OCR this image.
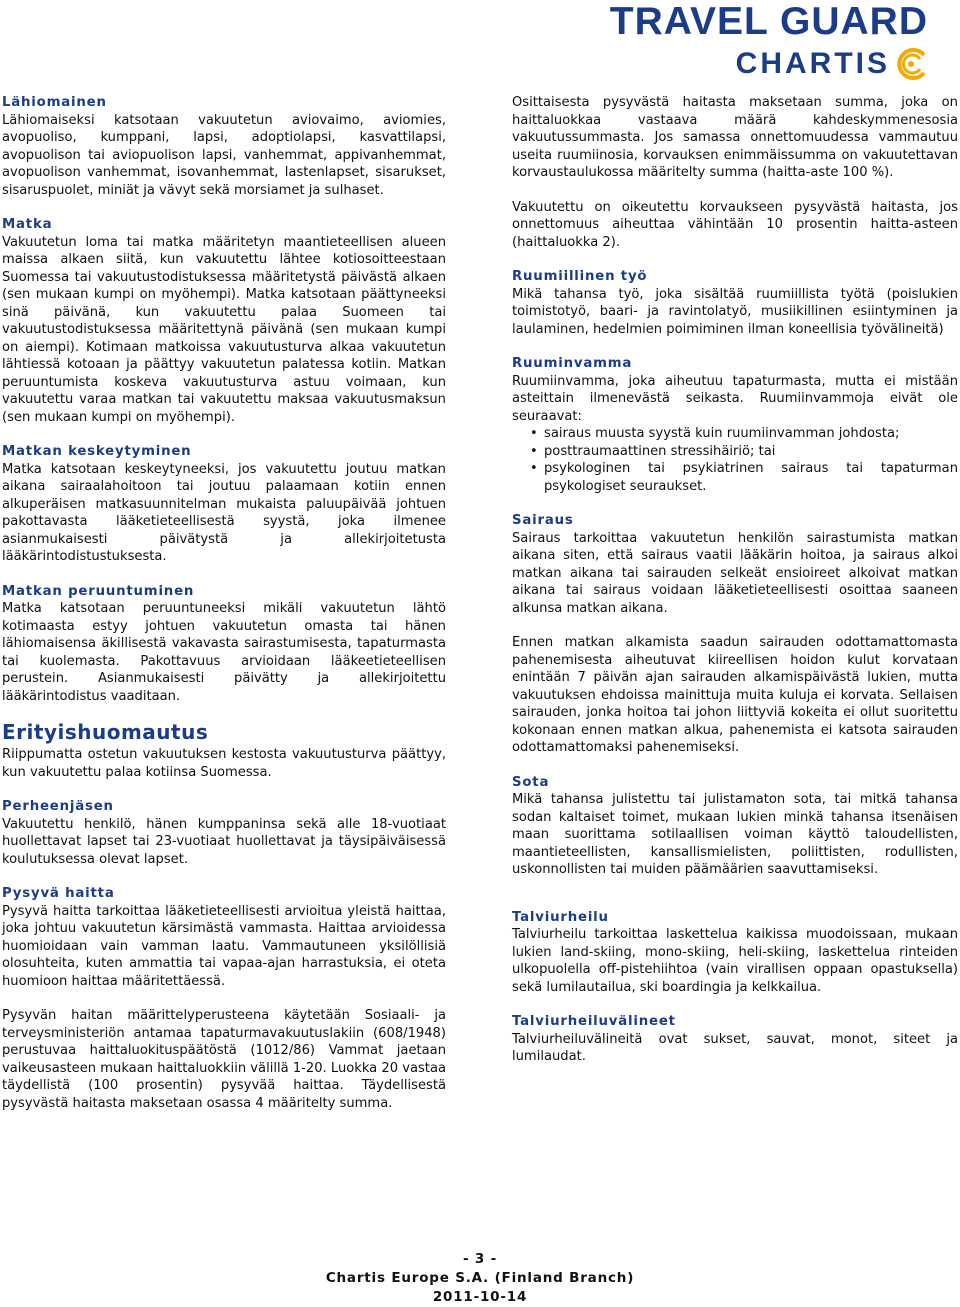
TRAVEL GUARD
CHARTIS
Lähiomainen
Lähiomaiseksi katsotaan vakuutetun aviovaimo, aviomies, avopuoliso, kumppani, lapsi, adoptiolapsi, kasvattilapsi, avopuolison tai aviopuolison lapsi, vanhemmat, appivanhemmat, avopuolison vanhemmat, isovanhemmat, lastenlapset, sisarukset, sisaruspuolet, miniät ja vävyt sekä morsiamet ja sulhaset.
Matka
Vakuutetun loma tai matka määritetyn maantieteellisen alueen maissa alkaen siitä, kun vakuutettu lähtee kotiosoitteestaan Suomessa tai vakuutustodistuksessa määritetystä päivästä alkaen (sen mukaan kumpi on myöhempi). Matka katsotaan päättyneeksi sinä päivänä, kun vakuutettu palaa Suomeen tai vakuutustodistuksessa määritettynä päivänä (sen mukaan kumpi on aiempi). Kotimaan matkoissa vakuutusturva alkaa vakuutetun lähtiessä kotoaan ja päättyy vakuutetun palatessa kotiin. Matkan peruuntumista koskeva vakuutusturva astuu voimaan, kun vakuutettu varaa matkan tai vakuutettu maksaa vakuutusmaksun (sen mukaan kumpi on myöhempi).
Matkan keskeytyminen
Matka katsotaan keskeytyneeksi, jos vakuutettu joutuu matkan aikana sairaalahoitoon tai joutuu palaamaan kotiin ennen alkuperäisen matkasuunnitelman mukaista paluupäivää johtuen pakottavasta lääketieteellisestä syystä, joka ilmenee asianmukaisesti päivätystä ja allekirjoitetusta lääkärintodistustuksesta.
Matkan peruuntuminen
Matka katsotaan peruuntuneeksi mikäli vakuutetun lähtö kotimaasta estyy johtuen vakuutetun omasta tai hänen lähiomaisensa äkillisestä vakavasta sairastumisesta, tapaturmasta tai kuolemasta. Pakottavuus arvioidaan lääkeetieteellisen perustein. Asianmukaisesti päivätty ja allekirjoitettu lääkärintodistus vaaditaan.
Erityishuomautus
Riippumatta ostetun vakuutuksen kestosta vakuutusturva päättyy, kun vakuutettu palaa kotiinsa Suomessa.
Perheenjäsen
Vakuutettu henkilö, hänen kumppaninsa sekä alle 18-vuotiaat huollettavat lapset tai 23-vuotiaat huollettavat ja täysipäiväisessä koulutuksessa olevat lapset.
Pysyvä haitta
Pysyvä haitta tarkoittaa lääketieteellisesti arvioitua yleistä haittaa, joka johtuu vakuutetun kärsimästä vammasta. Haittaa arvioidessa huomioidaan vain vamman laatu. Vammautuneen yksilöllisiä olosuhteita, kuten ammattia tai vapaa-ajan harrastuksia, ei oteta huomioon haittaa määritettäessä.
Pysyvän haitan määrittelyperusteena käytetään Sosiaali- ja terveysministeriön antamaa tapaturmavakuutuslakiin (608/1948) perustuvaa haittaluokituspäätöstä (1012/86) Vammat jaetaan vaikeusasteen mukaan haittaluokkiin välillä 1-20. Luokka 20 vastaa täydellistä (100 prosentin) pysyvää haittaa. Täydellisestä pysyvästä haitasta maksetaan osassa 4 määritelty summa.
Osittaisesta pysyvästä haitasta maksetaan summa, joka on haittaluokkaa vastaava määrä kahdeskymmenesosia vakuutussummasta. Jos samassa onnettomuudessa vammautuu useita ruumiinosia, korvauksen enimmäissumma on vakuutettavan korvaustaulukossa määritelty summa (haitta-aste 100 %).
Vakuutettu on oikeutettu korvaukseen pysyvästä haitasta, jos onnettomuus aiheuttaa vähintään 10 prosentin haitta-asteen (haittaluokka 2).
Ruumiillinen työ
Mikä tahansa työ, joka sisältää ruumiillista työtä (poislukien toimistotyö, baari- ja ravintolatyö, musiikillinen esiintyminen ja laulaminen, hedelmien poimiminen ilman koneellisia työvälineitä)
Ruuminvamma
Ruumiinvamma, joka aiheutuu tapaturmasta, mutta ei mistään asteittain ilmenevästä seikasta. Ruumiinvammoja eivät ole seuraavat:
• sairaus muusta syystä kuin ruumiinvamman johdosta;
• posttraumaattinen stressihäiriö; tai
• psykologinen tai psykiatrinen sairaus tai tapaturman psykologiset seuraukset.
Sairaus
Sairaus tarkoittaa vakuutetun henkilön sairastumista matkan aikana siten, että sairaus vaatii lääkärin hoitoa, ja sairaus alkoi matkan aikana tai sairauden selkeät ensioireet alkoivat matkan aikana tai sairaus voidaan lääketieteellisesti osoittaa saaneen alkunsa matkan aikana.
Ennen matkan alkamista saadun sairauden odottamattomasta pahenemisesta aiheutuvat kiireellisen hoidon kulut korvataan enintään 7 päivän ajan sairauden alkamispäivästä lukien, mutta vakuutuksen ehdoissa mainittuja muita kuluja ei korvata. Sellaisen sairauden, jonka hoitoa tai johon liittyviä kokeita ei ollut suoritettu kokonaan ennen matkan alkua, pahenemista ei katsota sairauden odottamattomaksi pahenemiseksi.
Sota
Mikä tahansa julistettu tai julistamaton sota, tai mitkä tahansa sodan kaltaiset toimet, mukaan lukien minkä tahansa itsenäisen maan suorittama sotilaallisen voiman käyttö taloudellisten, maantieteellisten, kansallismielisten, poliittisten, rodullisten, uskonnollisten tai muiden päämäärien saavuttamiseksi.
Talviurheilu
Talviurheilu tarkoittaa laskettelua kaikissa muodoissaan, mukaan lukien land-skiing, mono-skiing, heli-skiing, laskettelua rinteiden ulkopuolella off-pistehiihtoa (vain virallisen oppaan opastuksella) sekä lumilautailua, ski boardingia ja kelkkailua.
Talviurheiluvälineet
Talviurheiluvälineitä ovat sukset, sauvat, monot, siteet ja lumilaudat.
- 3 -
Chartis Europe S.A. (Finland Branch)
2011-10-14
